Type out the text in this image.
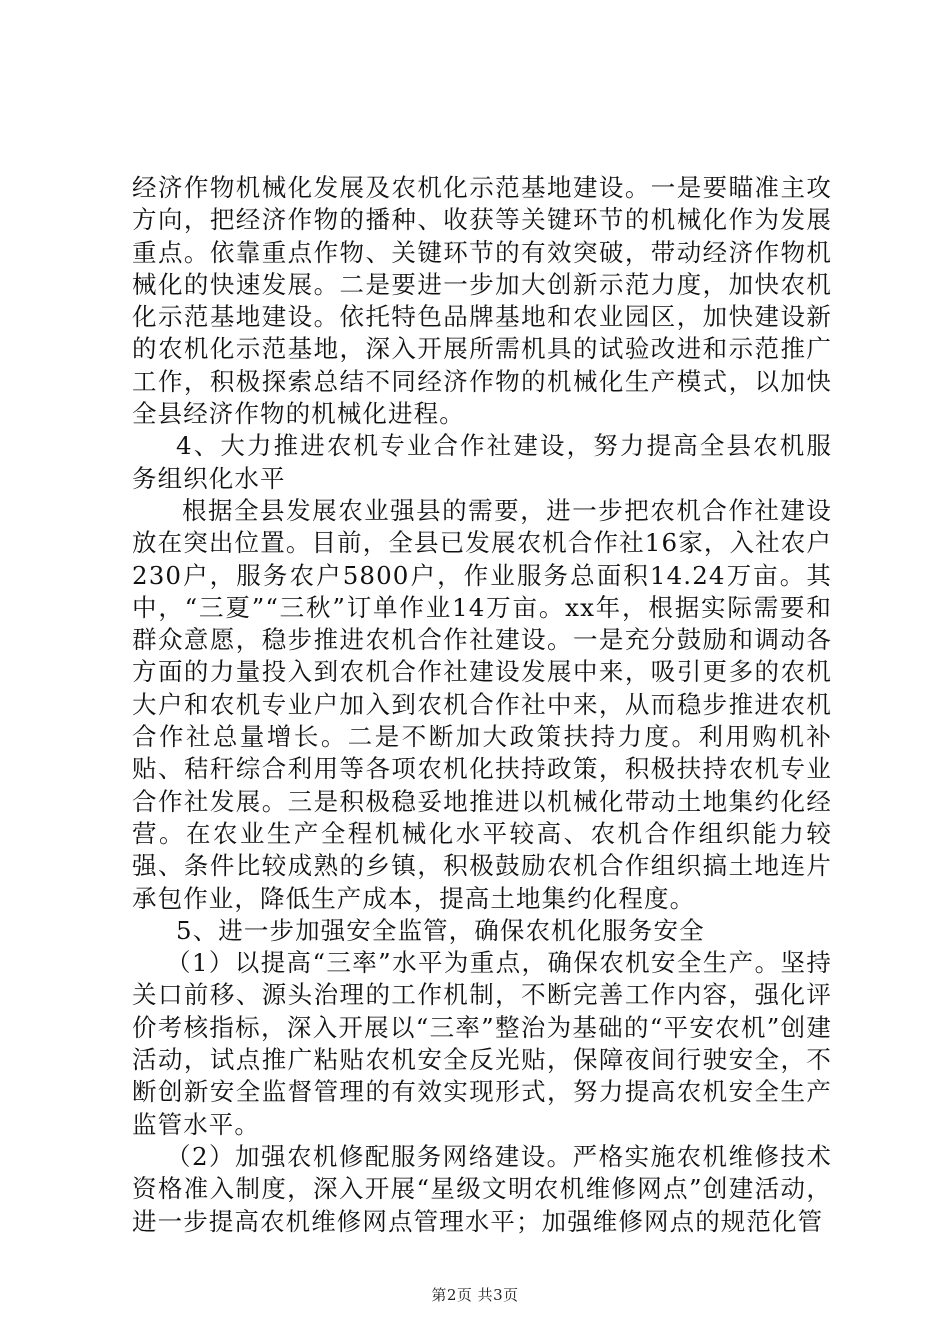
经济作物机械化发展及农机化示范基地建设。一是要瞄准主攻方向，把经济作物的播种、收获等关键环节的机械化作为发展重点。依靠重点作物、关键环节的有效突破，带动经济作物机械化的快速发展。二是要进一步加大创新示范力度，加快农机化示范基地建设。依托特色品牌基地和农业园区，加快建设新的农机化示范基地，深入开展所需机具的试验改进和示范推广工作，积极探索总结不同经济作物的机械化生产模式，以加快全县经济作物的机械化进程。

4、大力推进农机专业合作社建设，努力提高全县农机服务组织化水平

根据全县发展农业强县的需要，进一步把农机合作社建设放在突出位置。目前，全县已发展农机合作社16家，入社农户230户，服务农户5800户，作业服务总面积14.24万亩。其中，“三夏”“三秋”订单作业14万亩。xx年，根据实际需要和群众意愿，稳步推进农机合作社建设。一是充分鼓励和调动各方面的力量投入到农机合作社建设发展中来，吸引更多的农机大户和农机专业户加入到农机合作社中来，从而稳步推进农机合作社总量增长。二是不断加大政策扶持力度。利用购机补贴、秸秆综合利用等各项农机化扶持政策，积极扶持农机专业合作社发展。三是积极稳妥地推进以机械化带动土地集约化经营。在农业生产全程机械化水平较高、农机合作组织能力较强、条件比较成熟的乡镇，积极鼓励农机合作组织搞土地连片承包作业，降低生产成本，提高土地集约化程度。

5、进一步加强安全监管，确保农机化服务安全

（1）以提高“三率”水平为重点，确保农机安全生产。坚持关口前移、源头治理的工作机制，不断完善工作内容，强化评价考核指标，深入开展以“三率”整治为基础的“平安农机”创建活动，试点推广粘贴农机安全反光贴，保障夜间行驶安全，不断创新安全监督管理的有效实现形式，努力提高农机安全生产监管水平。

（2）加强农机修配服务网络建设。严格实施农机维修技术资格准入制度，深入开展“星级文明农机维修网点”创建活动，进一步提高农机维修网点管理水平；加强维修网点的规范化管

第2页 共3页
